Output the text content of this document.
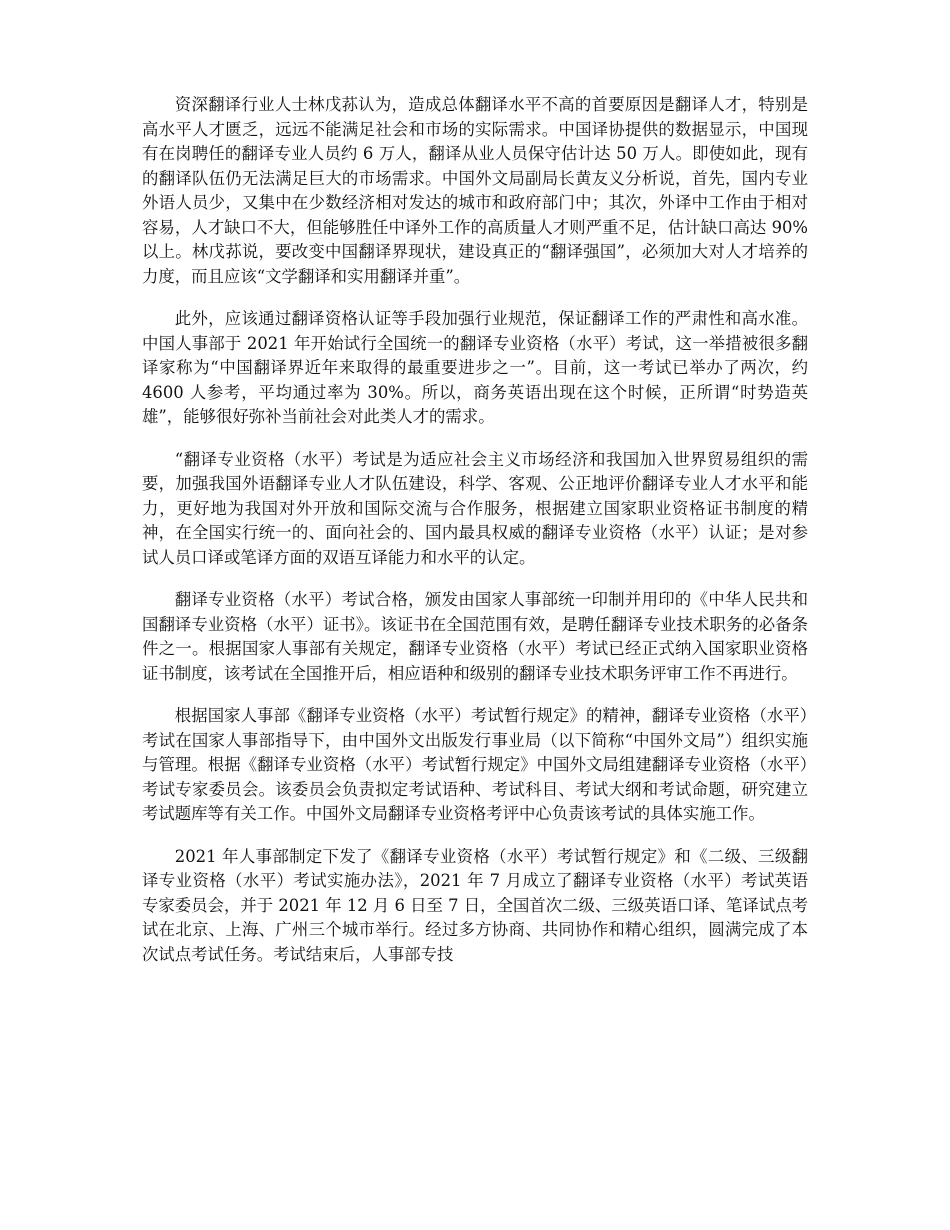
资深翻译行业人士林戊荪认为，造成总体翻译水平不高的首要原因是翻译人才，特别是高水平人才匮乏，远远不能满足社会和市场的实际需求。中国译协提供的数据显示，中国现有在岗聘任的翻译专业人员约 6 万人，翻译从业人员保守估计达 50 万人。即使如此，现有的翻译队伍仍无法满足巨大的市场需求。中国外文局副局长黄友义分析说，首先，国内专业外语人员少，又集中在少数经济相对发达的城市和政府部门中；其次，外译中工作由于相对容易，人才缺口不大，但能够胜任中译外工作的高质量人才则严重不足，估计缺口高达 90%以上。林戊荪说，要改变中国翻译界现状，建设真正的“翻译强国”，必须加大对人才培养的力度，而且应该“文学翻译和实用翻译并重”。

此外，应该通过翻译资格认证等手段加强行业规范，保证翻译工作的严肃性和高水准。中国人事部于 2021 年开始试行全国统一的翻译专业资格（水平）考试，这一举措被很多翻译家称为“中国翻译界近年来取得的最重要进步之一”。目前，这一考试已举办了两次，约 4600 人参考，平均通过率为 30%。所以，商务英语出现在这个时候，正所谓“时势造英雄”，能够很好弥补当前社会对此类人才的需求。

“翻译专业资格（水平）考试是为适应社会主义市场经济和我国加入世界贸易组织的需要，加强我国外语翻译专业人才队伍建设，科学、客观、公正地评价翻译专业人才水平和能力，更好地为我国对外开放和国际交流与合作服务，根据建立国家职业资格证书制度的精神，在全国实行统一的、面向社会的、国内最具权威的翻译专业资格（水平）认证；是对参试人员口译或笔译方面的双语互译能力和水平的认定。

翻译专业资格（水平）考试合格，颁发由国家人事部统一印制并用印的《中华人民共和国翻译专业资格（水平）证书》。该证书在全国范围有效，是聘任翻译专业技术职务的必备条件之一。根据国家人事部有关规定，翻译专业资格（水平）考试已经正式纳入国家职业资格证书制度，该考试在全国推开后，相应语种和级别的翻译专业技术职务评审工作不再进行。

根据国家人事部《翻译专业资格（水平）考试暂行规定》的精神，翻译专业资格（水平）考试在国家人事部指导下，由中国外文出版发行事业局（以下简称“中国外文局”）组织实施与管理。根据《翻译专业资格（水平）考试暂行规定》中国外文局组建翻译专业资格（水平）考试专家委员会。该委员会负责拟定考试语种、考试科目、考试大纲和考试命题，研究建立考试题库等有关工作。中国外文局翻译专业资格考评中心负责该考试的具体实施工作。

2021 年人事部制定下发了《翻译专业资格（水平）考试暂行规定》和《二级、三级翻译专业资格（水平）考试实施办法》，2021 年 7 月成立了翻译专业资格（水平）考试英语专家委员会，并于 2021 年 12 月 6 日至 7 日，全国首次二级、三级英语口译、笔译试点考试在北京、上海、广州三个城市举行。经过多方协商、共同协作和精心组织，圆满完成了本次试点考试任务。考试结束后，人事部专技
